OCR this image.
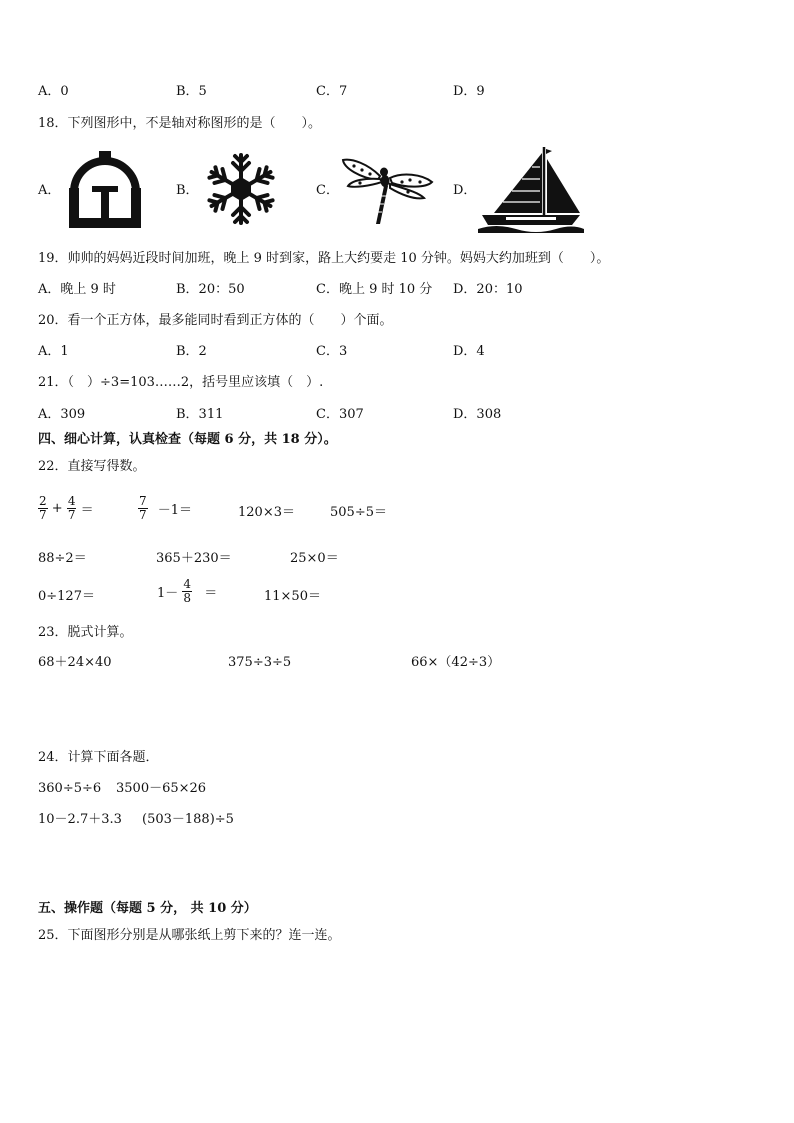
A．0	B．5	C．7	D．9
18．下列图形中，不是轴对称图形的是（　　）。
A．	B．	C．	D．
19．帅帅的妈妈近段时间加班，晚上 9 时到家，路上大约要走 10 分钟。妈妈大约加班到（　　）。
A．晚上 9 时	B．20：50	C．晚上 9 时 10 分 D．20：10
20．看一个正方体，最多能同时看到正方体的（　　）个面。
A．1	B．2	C．3	D．4
21．（　）÷3=103……2，括号里应该填（　）.
A．309	B．311	C．307	D．308
四、细心计算，认真检查（每题 6 分，共 18 分）。
22．直接写得数。
$\frac{2}{7} + \frac{4}{7}$ ＝	$\frac{7}{7} -1=$	120×3＝	505÷5＝
88÷2＝	365＋230＝	25×0＝
0÷127＝	$1- \frac{4}{8}$ ＝	11×50＝
23．脱式计算。
68＋24×40	375÷3÷5	66×（42÷3）
24．计算下面各题．
360÷5÷6 3500－65×26
10－2.7＋3.3 (503－188)÷5
五、操作题（每题 5 分， 共 10 分）
25．下面图形分别是从哪张纸上剪下来的？连一连。
